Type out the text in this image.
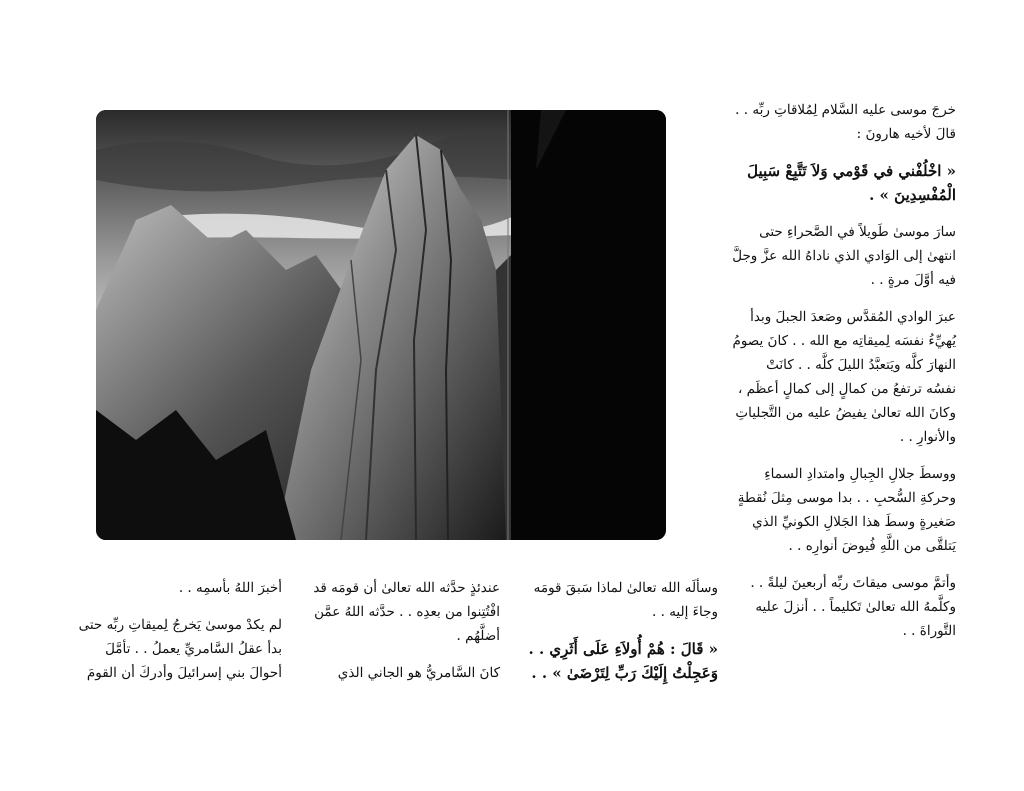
خرجَ موسى عليه السَّلام لِمُلاقاتِ ربِّه . . قالَ لأخيه هارونَ :

« اخْلُفْني في قَوْمي وَلاَ تَتَّبِعْ سَبِيلَ الْمُفْسِدِينَ » .

سارَ موسىٰ طَويلاً في الصَّحراءِ حتى انتهىٰ إلى الوَادي الذي ناداهُ الله عزَّ وجلَّ فيه أوَّلَ مرةٍ . .

عبرَ الوادي المُقدَّس وصَعدَ الجبلَ وبدأ يُهيِّءُ نفسَه لِميقاتِه مع الله . . كانَ يصومُ النهارَ كلَّه ويَتعبَّدُ الليلَ كلَّه . . كانَتْ نفسُه ترتفعُ من كمالٍ إلى كمالٍ أعظَم ، وكانَ الله تعالىٰ يفيضُ عليه من التَّجلياتِ والأنوارِ . .

ووسطَ جلالِ الجِبالِ وامتدادِ السماءِ وحركةِ السُّحبِ . . بدا موسى مِثلَ نُقطةٍ صَغيرةٍ وسطَ هذا الجَلالِ الكونيِّ الذي يَتلقَّى من اللَّهِ فُيوضَ أنوارِه . .

وأتمَّ موسى ميقاتَ ربِّه أربعينَ ليلةً . . وكلَّمهُ الله تعالىٰ تَكليماً . . أنزلَ عليه التَّوراةَ . .

وسألَه الله تعالىٰ لماذا سَبقَ قومَه وجاءَ إليه . .

« قَالَ : هُمْ أُولاَءِ عَلَى أَثَرِي . . وَعَجِلْتُ إِلَيْكَ رَبِّ لِتَرْضَىٰ » . .

عندئذٍ حدَّثه الله تعالىٰ أن قومَه قد افْتُتِنوا من بعدِه . . حدَّثه اللهُ عمَّن أضلَّهُم .

كانَ السَّامريُّ هو الجاني الذي

أخبرَ اللهُ بأسمِه . .

لم يكدْ موسىٰ يَخرجُ لِميقاتِ ربِّه حتى بدأ عقلُ السَّامريِّ يعملُ . . تأمَّلَ أحوالَ بني إسرائيلَ وأدركَ أن القومَ
